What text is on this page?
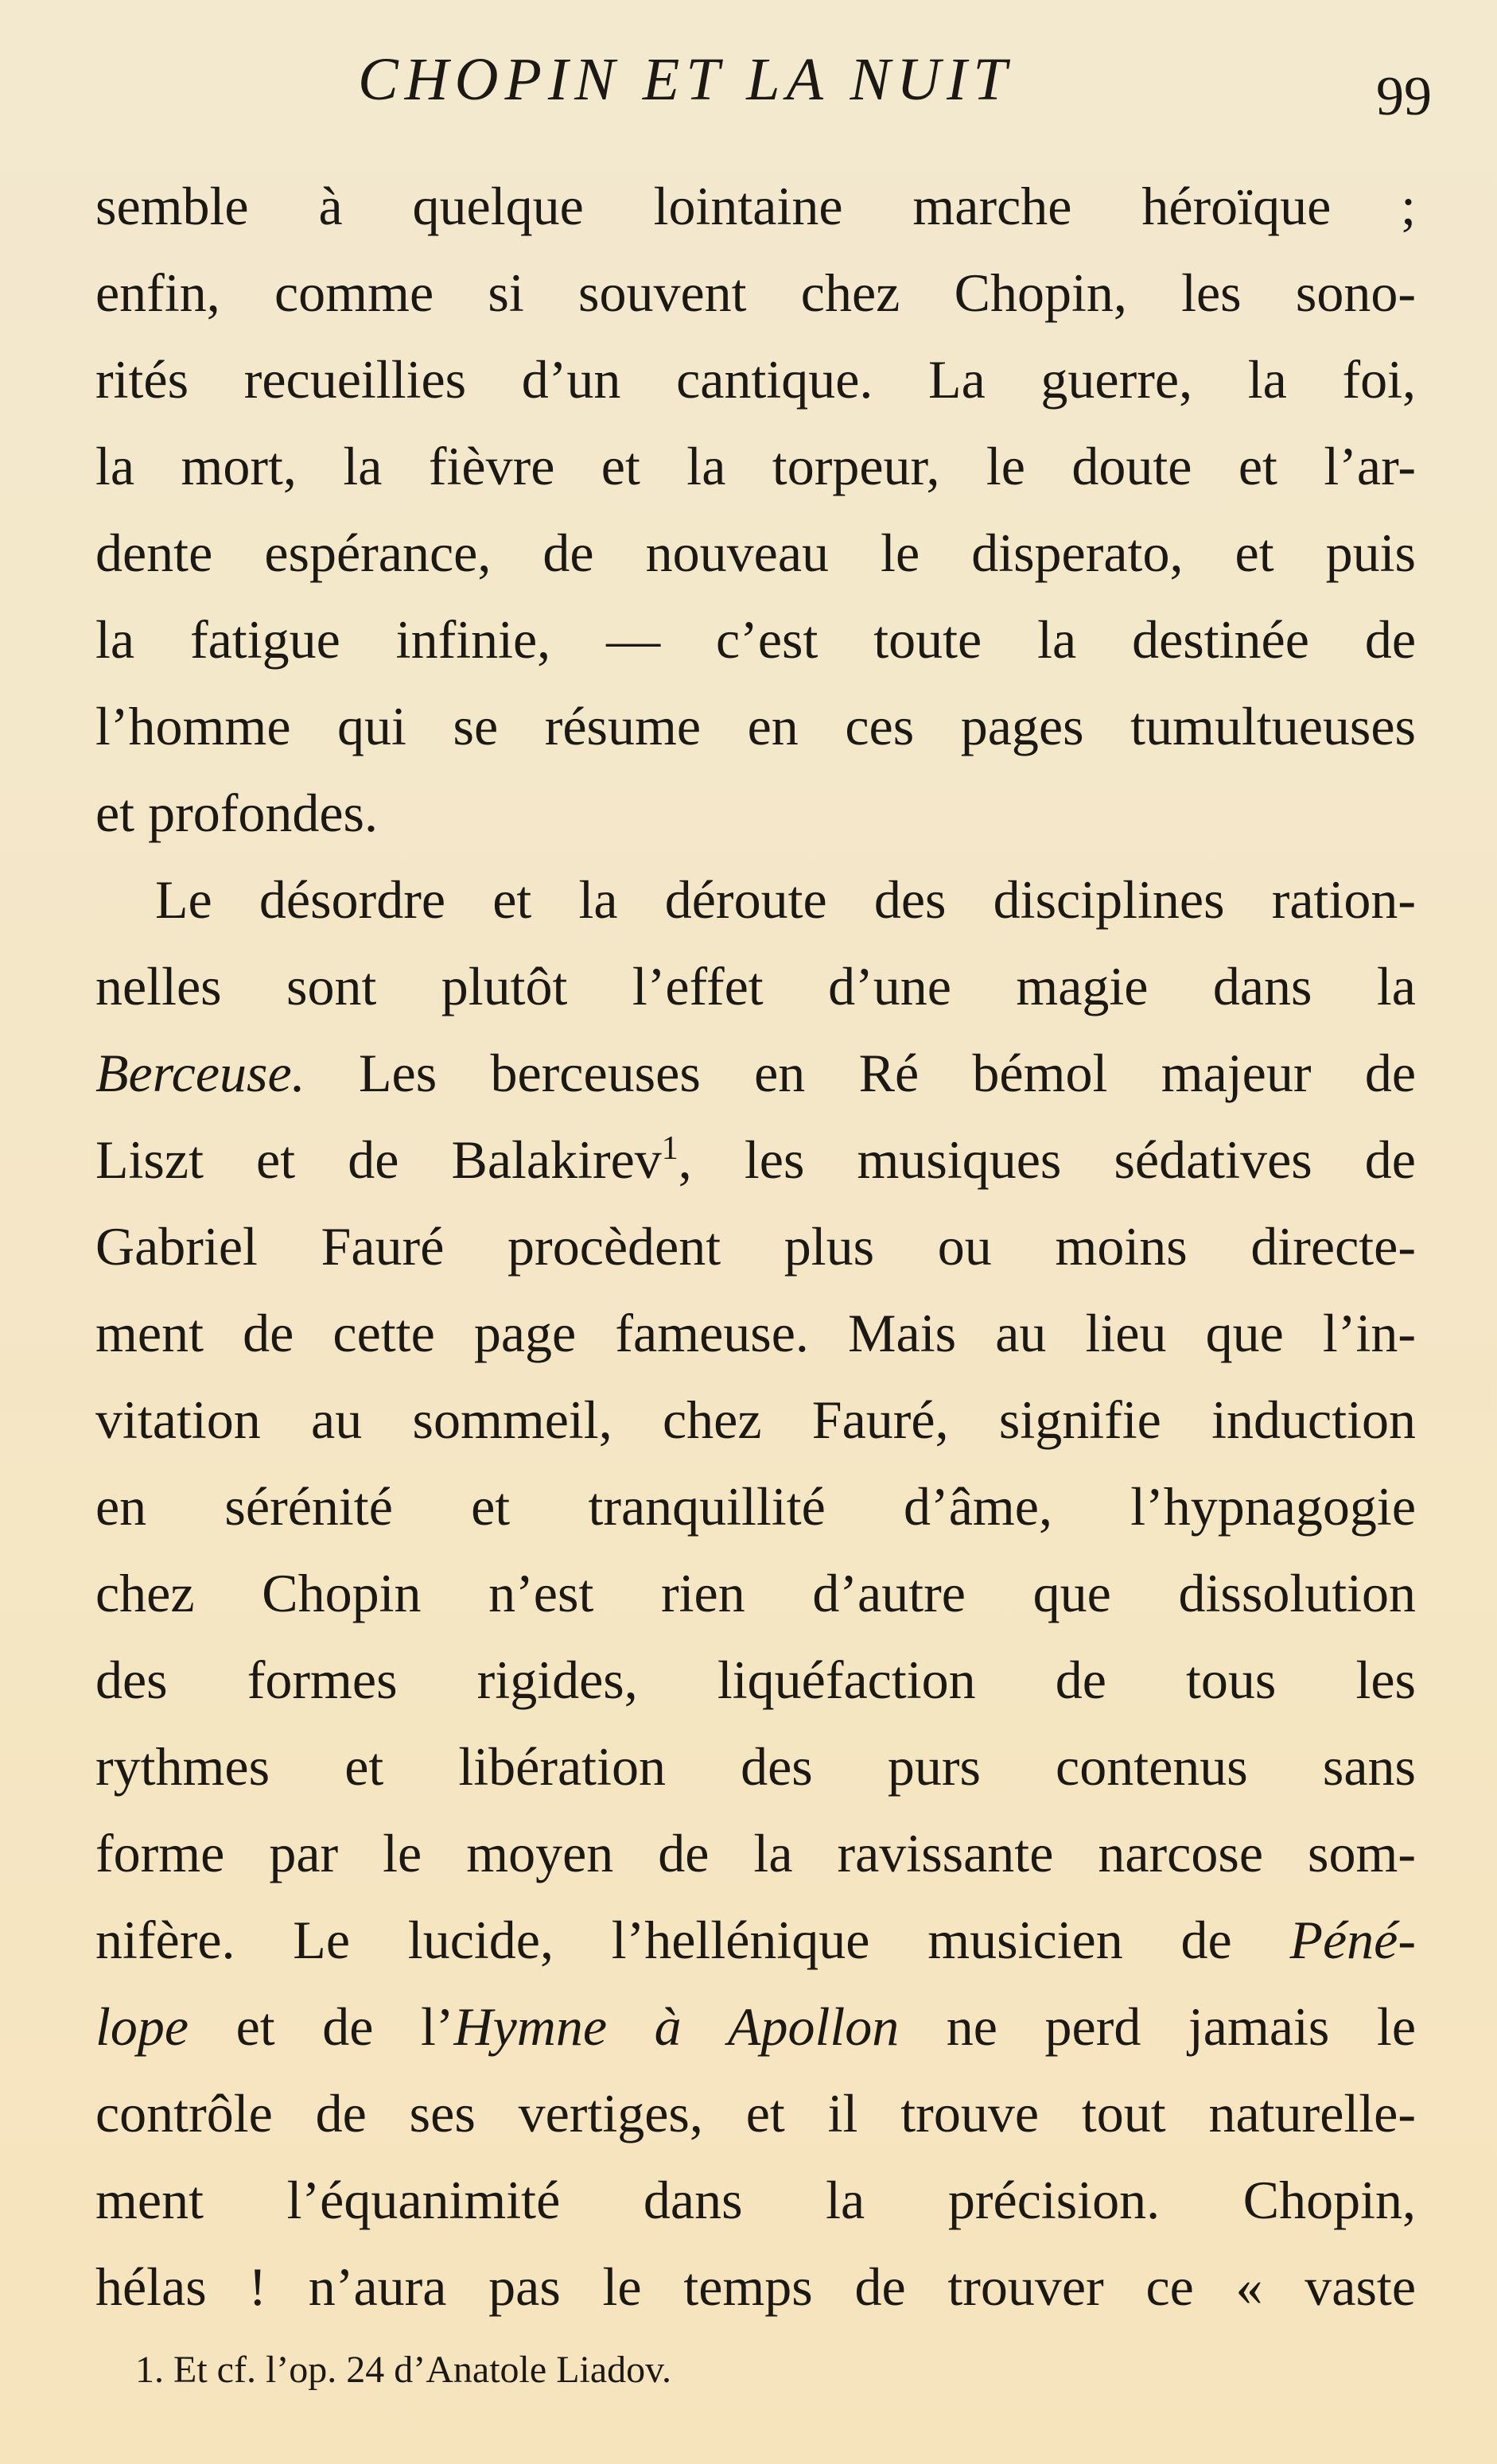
CHOPIN ET LA NUIT	99
semble à quelque lointaine marche héroïque ;
enfin, comme si souvent chez Chopin, les sono-
rités recueillies d’un cantique. La guerre, la foi,
la mort, la fièvre et la torpeur, le doute et l’ar-
dente espérance, de nouveau le disperato, et puis
la fatigue infinie, — c’est toute la destinée de
l’homme qui se résume en ces pages tumultueuses
et profondes.
Le désordre et la déroute des disciplines ration-
nelles sont plutôt l’effet d’une magie dans la
Berceuse. Les berceuses en Ré bémol majeur de
Liszt et de Balakirev$^1$, les musiques sédatives de
Gabriel Fauré procèdent plus ou moins directe-
ment de cette page fameuse. Mais au lieu que l’in-
vitation au sommeil, chez Fauré, signifie induction
en sérénité et tranquillité d’âme, l’hypnagogie
chez Chopin n’est rien d’autre que dissolution
des formes rigides, liquéfaction de tous les
rythmes et libération des purs contenus sans
forme par le moyen de la ravissante narcose som-
nifère. Le lucide, l’hellénique musicien de Péné-
lope et de l’Hymne à Apollon ne perd jamais le
contrôle de ses vertiges, et il trouve tout naturelle-
ment l’équanimité dans la précision. Chopin,
hélas ! n’aura pas le temps de trouver ce « vaste
1. Et cf. l’op. 24 d’Anatole Liadov.
